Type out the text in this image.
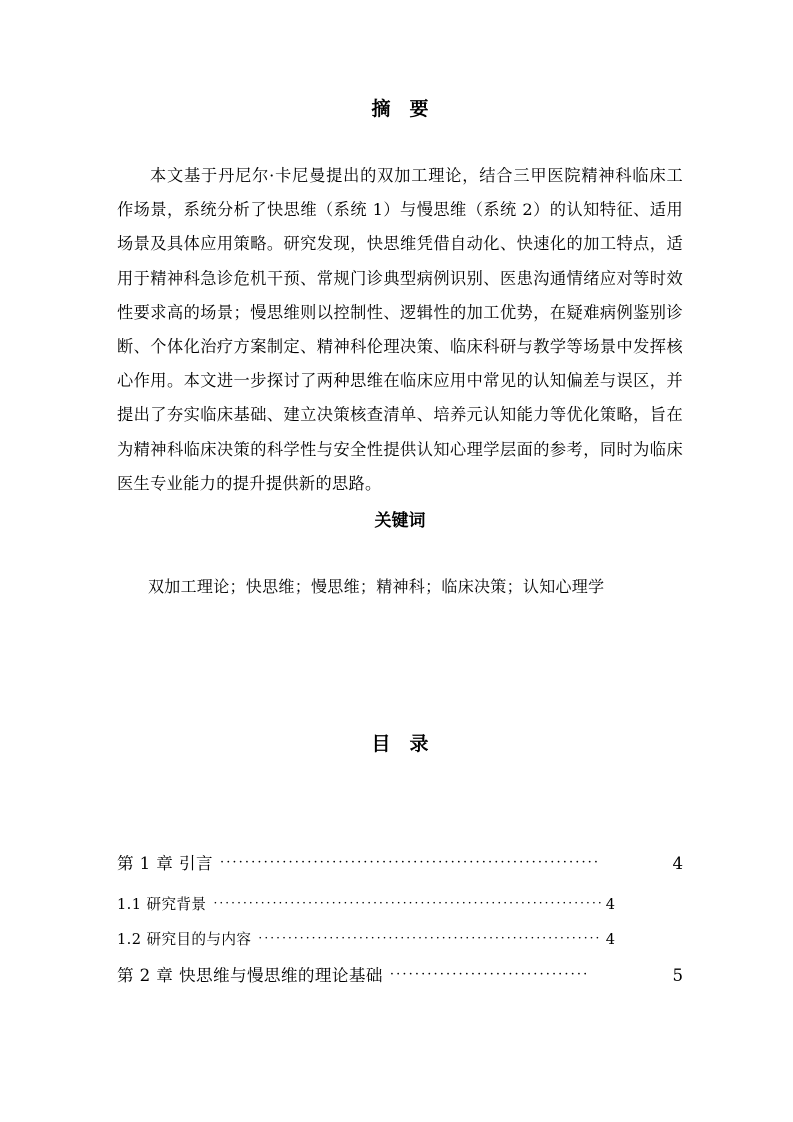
摘 要
本文基于丹尼尔·卡尼曼提出的双加工理论，结合三甲医院精神科临床工作场景，系统分析了快思维（系统 1）与慢思维（系统 2）的认知特征、适用场景及具体应用策略。研究发现，快思维凭借自动化、快速化的加工特点，适用于精神科急诊危机干预、常规门诊典型病例识别、医患沟通情绪应对等时效性要求高的场景；慢思维则以控制性、逻辑性的加工优势，在疑难病例鉴别诊断、个体化治疗方案制定、精神科伦理决策、临床科研与教学等场景中发挥核心作用。本文进一步探讨了两种思维在临床应用中常见的认知偏差与误区，并提出了夯实临床基础、建立决策核查清单、培养元认知能力等优化策略，旨在为精神科临床决策的科学性与安全性提供认知心理学层面的参考，同时为临床医生专业能力的提升提供新的思路。
关键词
双加工理论；快思维；慢思维；精神科；临床决策；认知心理学
目 录
第 1 章 引言 ·····························································	4
1.1 研究背景 ·································································· 4
1.2 研究目的与内容 ·························································· 4
第 2 章 快思维与慢思维的理论基础 ································	5
